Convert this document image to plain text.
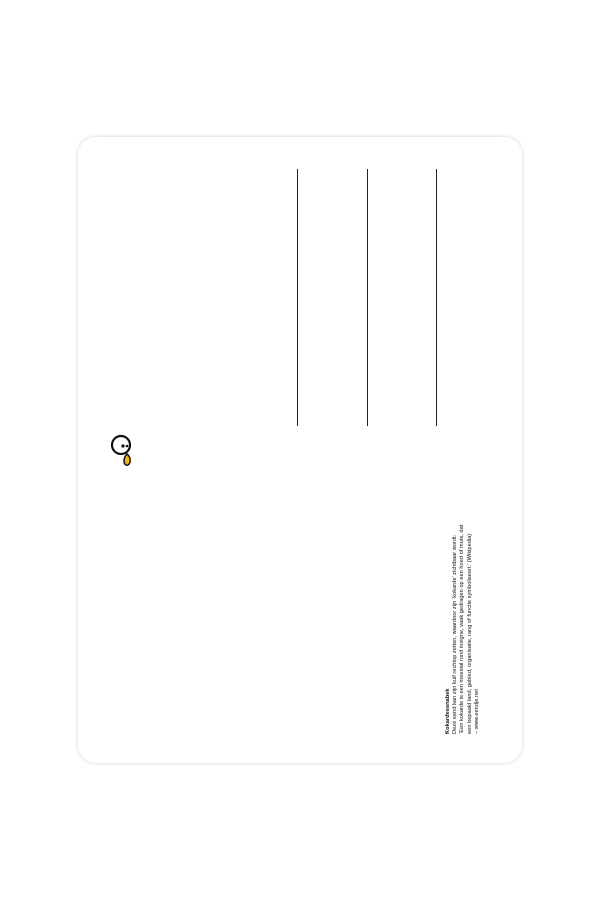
Kokardessnabek Deze eend kan zijn kuif rechtop zetten, waardoor zijn ‘kokarde’ zichtbaar wordt: ‘Een kokarde is een meestal rond insigne, vaak gedragen op een hoed of muts, dat een bepaald land, gebied, organisatie, rang of functie symboliseert.’ (Wikipedia) – www.eendje.net
